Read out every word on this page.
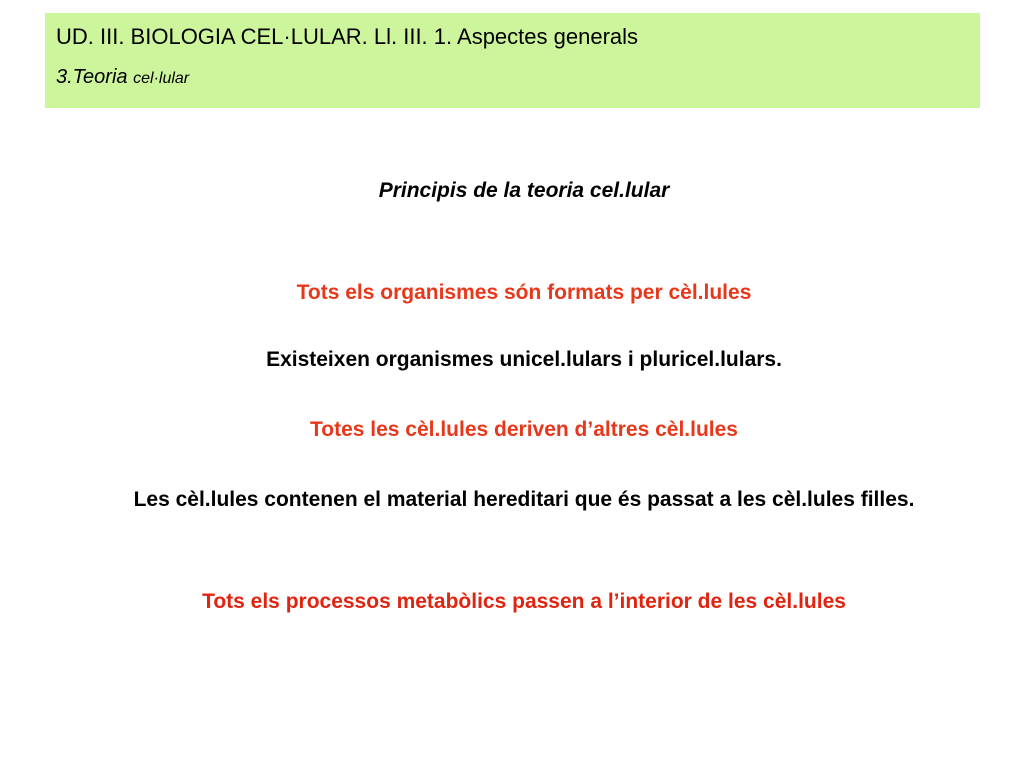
UD. III. BIOLOGIA CEL·LULAR. Ll. III. 1. Aspectes generals
3.Teoria cel·lular
Principis de la teoria cel.lular
Tots els organismes són formats per cèl.lules
Existeixen organismes unicel.lulars i pluricel.lulars.
Totes les cèl.lules deriven d’altres cèl.lules
Les cèl.lules contenen el material hereditari que és passat a les cèl.lules filles.
Tots els processos metabòlics passen a l’interior de les cèl.lules
